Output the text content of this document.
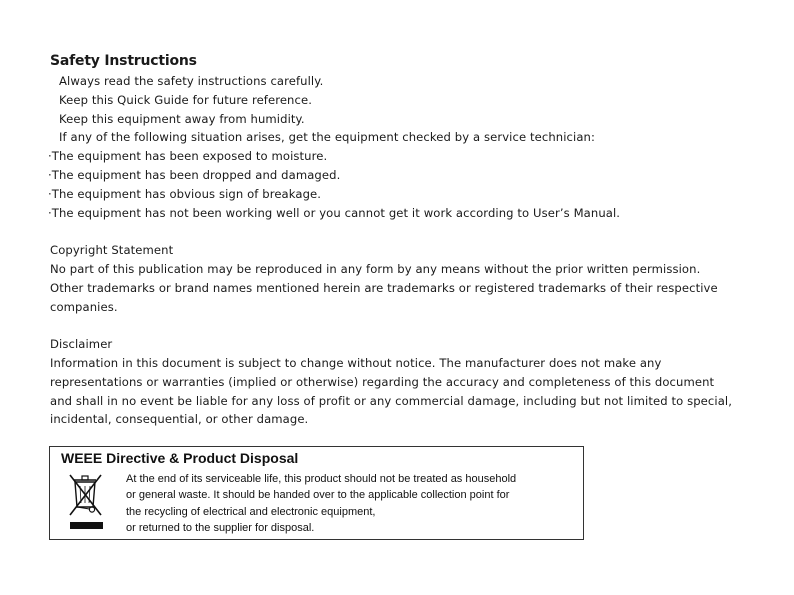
Safety Instructions
Always read the safety instructions carefully.
Keep this Quick Guide for future reference.
Keep this equipment away from humidity.
If any of the following situation arises, get the equipment checked by a service technician:
·The equipment has been exposed to moisture.
·The equipment has been dropped and damaged.
·The equipment has obvious sign of breakage.
·The equipment has not been working well or you cannot get it work according to User’s Manual.
Copyright Statement
No part of this publication may be reproduced in any form by any means without the prior written permission.
Other trademarks or brand names mentioned herein are trademarks or registered trademarks of their respective
companies.
Disclaimer
Information in this document is subject to change without notice. The manufacturer does not make any
representations or warranties (implied or otherwise) regarding the accuracy and completeness of this document
and shall in no event be liable for any loss of profit or any commercial damage, including but not limited to special,
incidental, consequential, or other damage.
WEEE Directive & Product Disposal
At the end of its serviceable life, this product should not be treated as household
or general waste. It should be handed over to the applicable collection point for
the recycling of electrical and electronic equipment,
or returned to the supplier for disposal.
